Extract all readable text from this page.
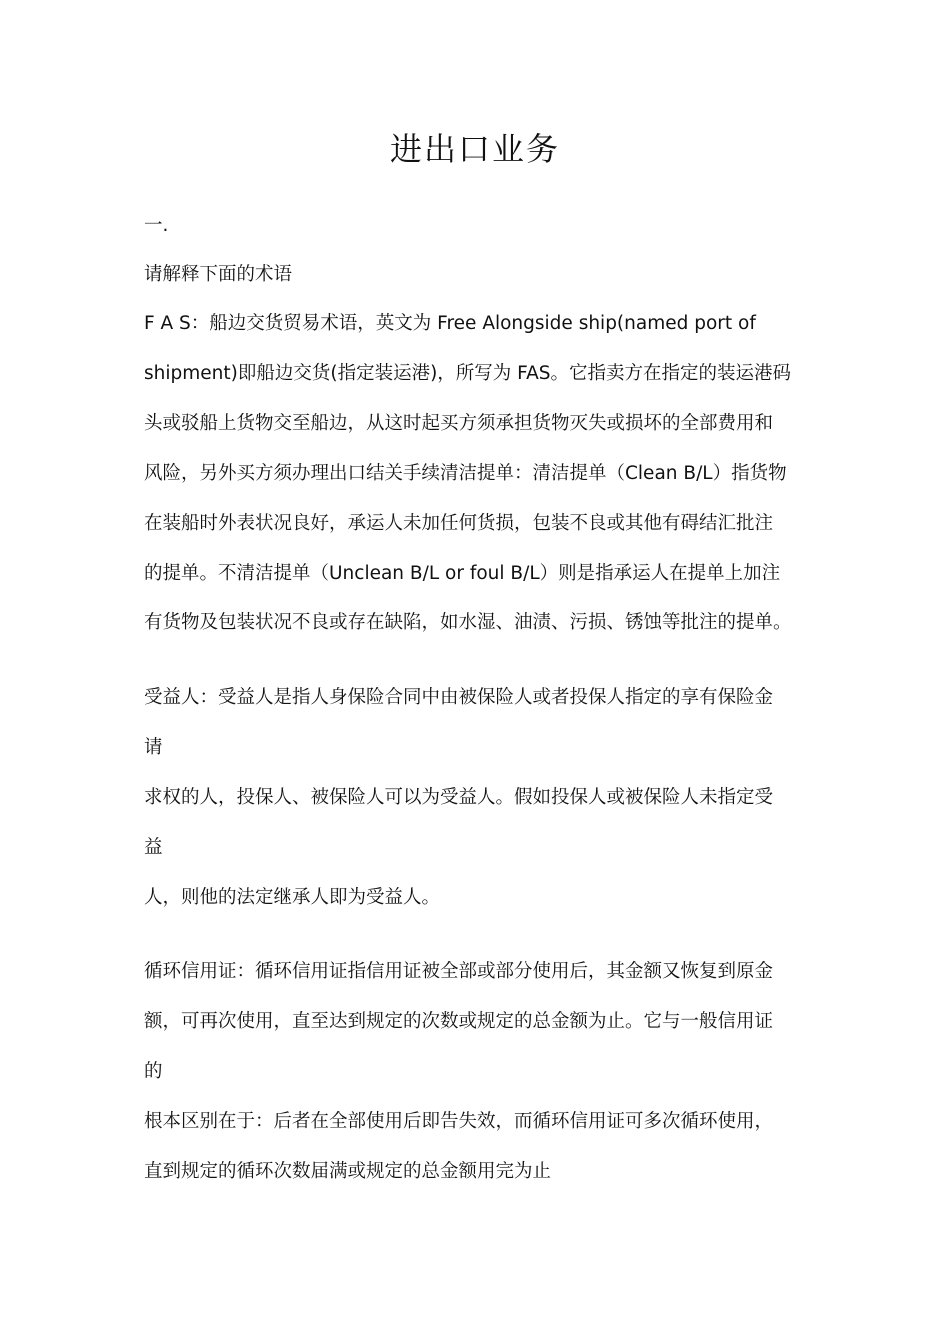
进出口业务

一.

请解释下面的术语

F A S：船边交货贸易术语，英文为 Free Alongside ship(named port of

shipment)即船边交货(指定装运港)，所写为 FAS。它指卖方在指定的装运港码

头或驳船上货物交至船边，从这时起买方须承担货物灭失或损坏的全部费用和

风险，另外买方须办理出口结关手续清洁提单：清洁提单（Clean B/L）指货物

在装船时外表状况良好，承运人未加任何货损，包装不良或其他有碍结汇批注

的提单。不清洁提单（Unclean B/L or foul B/L）则是指承运人在提单上加注

有货物及包装状况不良或存在缺陷，如水湿、油渍、污损、锈蚀等批注的提单。

受益人：受益人是指人身保险合同中由被保险人或者投保人指定的享有保险金

请

求权的人，投保人、被保险人可以为受益人。假如投保人或被保险人未指定受

益

人，则他的法定继承人即为受益人。

循环信用证：循环信用证指信用证被全部或部分使用后，其金额又恢复到原金

额，可再次使用，直至达到规定的次数或规定的总金额为止。它与一般信用证

的

根本区别在于：后者在全部使用后即告失效，而循环信用证可多次循环使用，

直到规定的循环次数届满或规定的总金额用完为止
